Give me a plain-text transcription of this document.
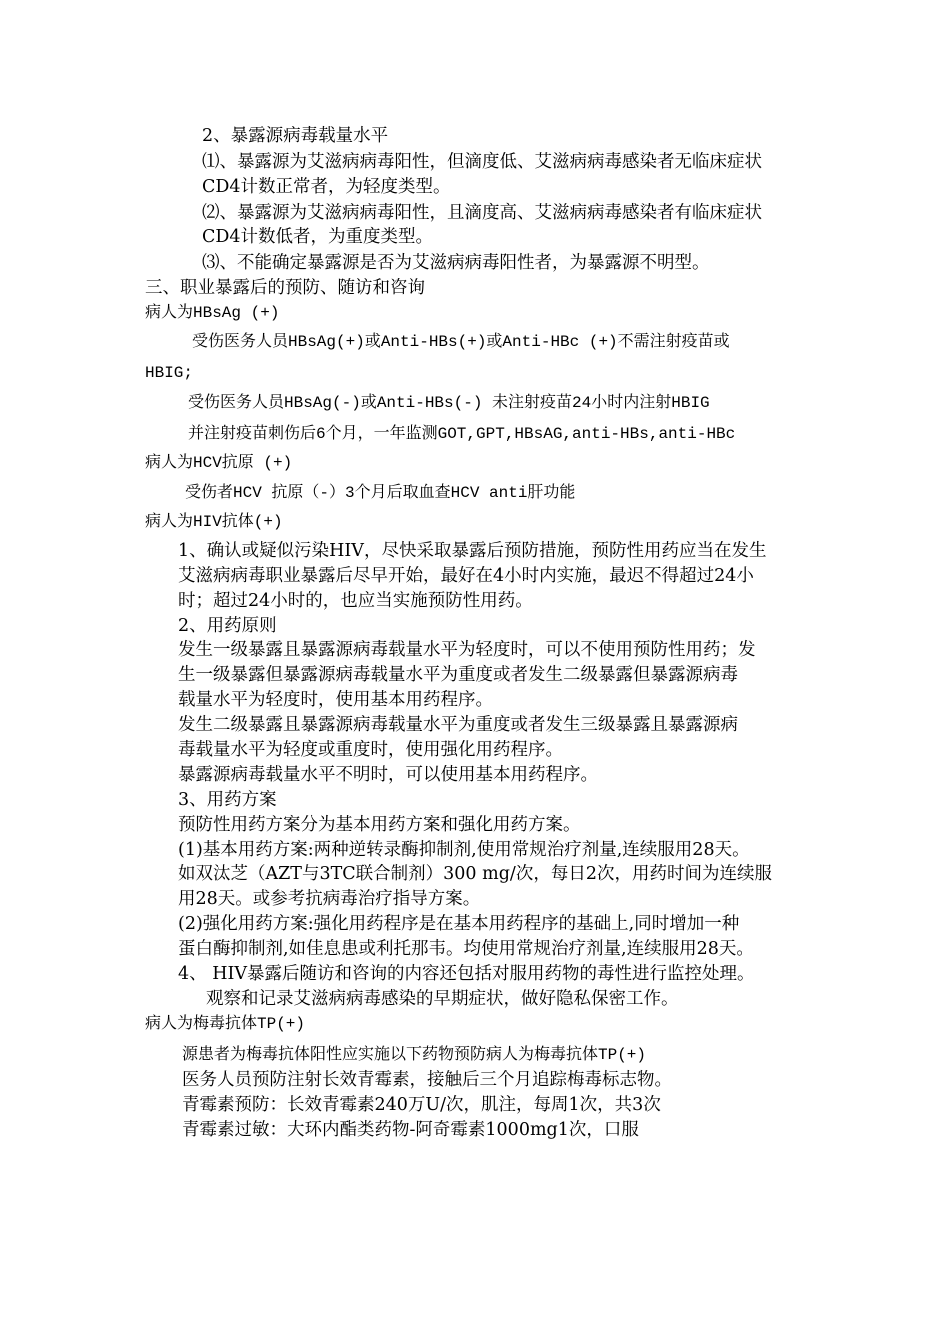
2、暴露源病毒载量水平
⑴、暴露源为艾滋病病毒阳性，但滴度低、艾滋病病毒感染者无临床症状
CD4计数正常者，为轻度类型。
⑵、暴露源为艾滋病病毒阳性，且滴度高、艾滋病病毒感染者有临床症状
CD4计数低者，为重度类型。
⑶、不能确定暴露源是否为艾滋病病毒阳性者，为暴露源不明型。
三、职业暴露后的预防、随访和咨询
病人为HBsAg (+)
受伤医务人员HBsAg(+)或Anti-HBs(+)或Anti-HBc (+)不需注射疫苗或
HBIG;
受伤医务人员HBsAg(-)或Anti-HBs(-) 未注射疫苗24小时内注射HBIG
并注射疫苗刺伤后6个月，一年监测GOT,GPT,HBsAG,anti-HBs,anti-HBc
病人为HCV抗原 (+)
受伤者HCV 抗原（-）3个月后取血查HCV anti肝功能
病人为HIV抗体(+)
1、确认或疑似污染HIV，尽快采取暴露后预防措施，预防性用药应当在发生
艾滋病病毒职业暴露后尽早开始，最好在4小时内实施，最迟不得超过24小
时；超过24小时的，也应当实施预防性用药。
2、用药原则
发生一级暴露且暴露源病毒载量水平为轻度时，可以不使用预防性用药；发
生一级暴露但暴露源病毒载量水平为重度或者发生二级暴露但暴露源病毒
载量水平为轻度时，使用基本用药程序。
发生二级暴露且暴露源病毒载量水平为重度或者发生三级暴露且暴露源病
毒载量水平为轻度或重度时，使用强化用药程序。
暴露源病毒载量水平不明时，可以使用基本用药程序。
3、用药方案
预防性用药方案分为基本用药方案和强化用药方案。
(1)基本用药方案:两种逆转录酶抑制剂,使用常规治疗剂量,连续服用28天。
如双汰芝（AZT与3TC联合制剂）300 mg/次，每日2次，用药时间为连续服
用28天。或参考抗病毒治疗指导方案。
(2)强化用药方案:强化用药程序是在基本用药程序的基础上,同时增加一种
蛋白酶抑制剂,如佳息患或利托那韦。均使用常规治疗剂量,连续服用28天。
4、 HIV暴露后随访和咨询的内容还包括对服用药物的毒性进行监控处理。
观察和记录艾滋病病毒感染的早期症状，做好隐私保密工作。
病人为梅毒抗体TP(+)
源患者为梅毒抗体阳性应实施以下药物预防病人为梅毒抗体TP(+)
医务人员预防注射长效青霉素，接触后三个月追踪梅毒标志物。
青霉素预防：长效青霉素240万U/次，肌注，每周1次，共3次
青霉素过敏：大环内酯类药物-阿奇霉素1000mg1次，口服
